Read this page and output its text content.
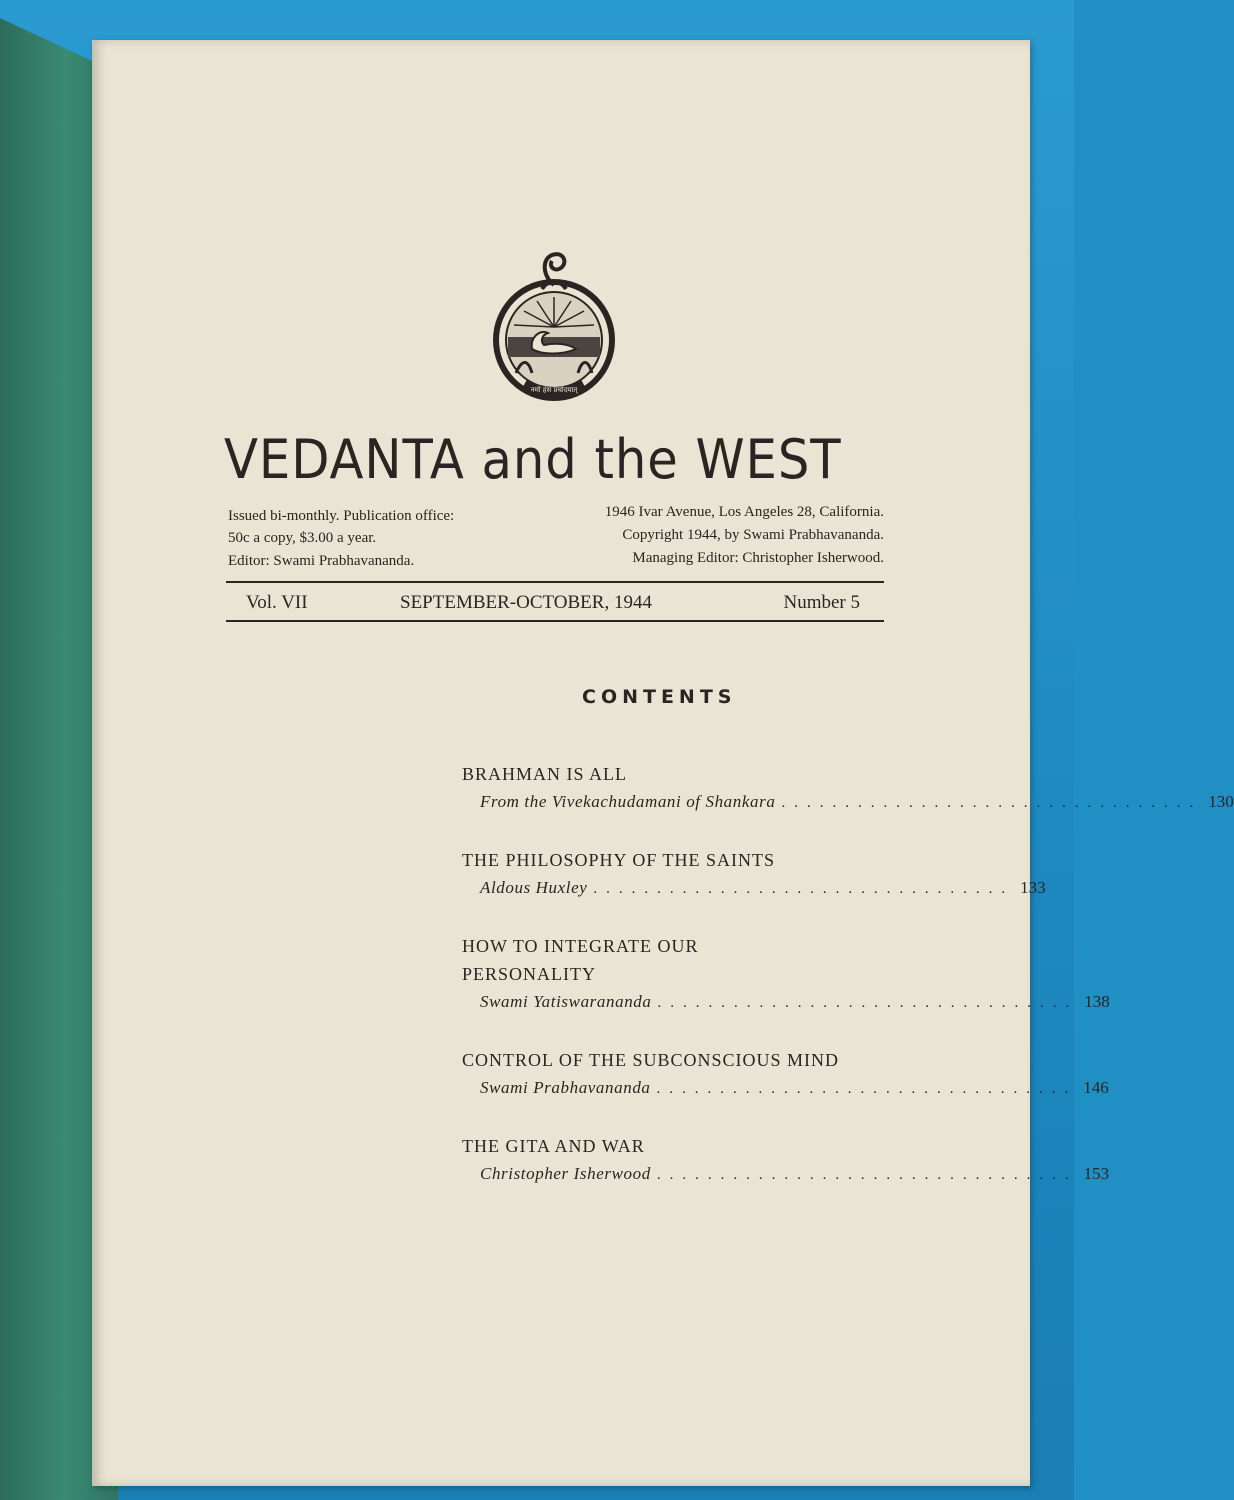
नमो हंस प्रचोदयात्
VEDANTA and the WEST
Issued bi-monthly. Publication office:	1946 Ivar Avenue, Los Angeles 28, California.
50c a copy, $3.00 a year.	Copyright 1944, by Swami Prabhavananda.
Editor: Swami Prabhavananda.	Managing Editor: Christopher Isherwood.
Vol. VII	SEPTEMBER-OCTOBER, 1944	Number 5
CONTENTS
BRAHMAN IS ALL
From the Vivekachudamani of Shankara ................................. 130
THE PHILOSOPHY OF THE SAINTS
Aldous Huxley ................................. 133
HOW TO INTEGRATE OUR PERSONALITY
Swami Yatiswarananda ................................. 138
CONTROL OF THE SUBCONSCIOUS MIND
Swami Prabhavananda ................................. 146
THE GITA AND WAR
Christopher Isherwood ................................. 153
